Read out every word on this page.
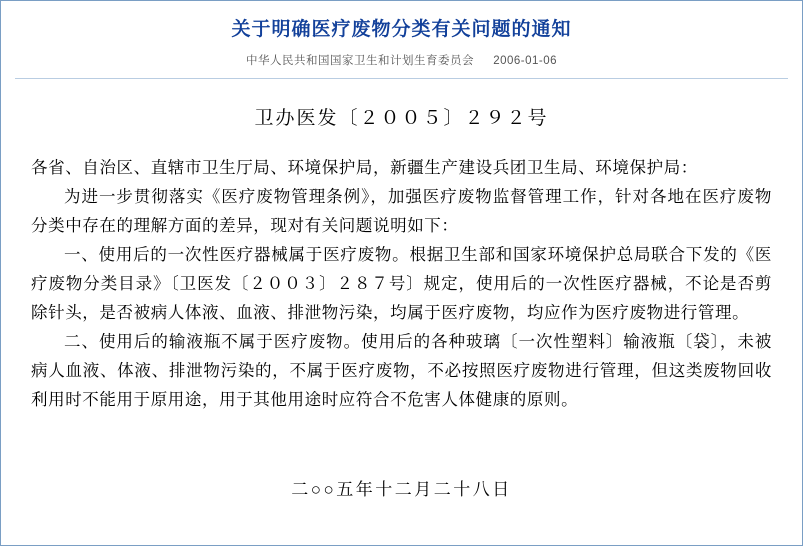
关于明确医疗废物分类有关问题的通知
中华人民共和国国家卫生和计划生育委员会 2006-01-06
卫办医发〔２００５〕２９２号

各省、自治区、直辖市卫生厅局、环境保护局，新疆生产建设兵团卫生局、环境保护局：

为进一步贯彻落实《医疗废物管理条例》，加强医疗废物监督管理工作，针对各地在医疗废物分类中存在的理解方面的差异，现对有关问题说明如下：

一、使用后的一次性医疗器械属于医疗废物。根据卫生部和国家环境保护总局联合下发的《医疗废物分类目录》〔卫医发〔２００３〕２８７号〕规定，使用后的一次性医疗器械，不论是否剪除针头，是否被病人体液、血液、排泄物污染，均属于医疗废物，均应作为医疗废物进行管理。

二、使用后的输液瓶不属于医疗废物。使用后的各种玻璃〔一次性塑料〕输液瓶〔袋〕，未被病人血液、体液、排泄物污染的，不属于医疗废物，不必按照医疗废物进行管理，但这类废物回收利用时不能用于原用途，用于其他用途时应符合不危害人体健康的原则。

二○○五年十二月二十八日
